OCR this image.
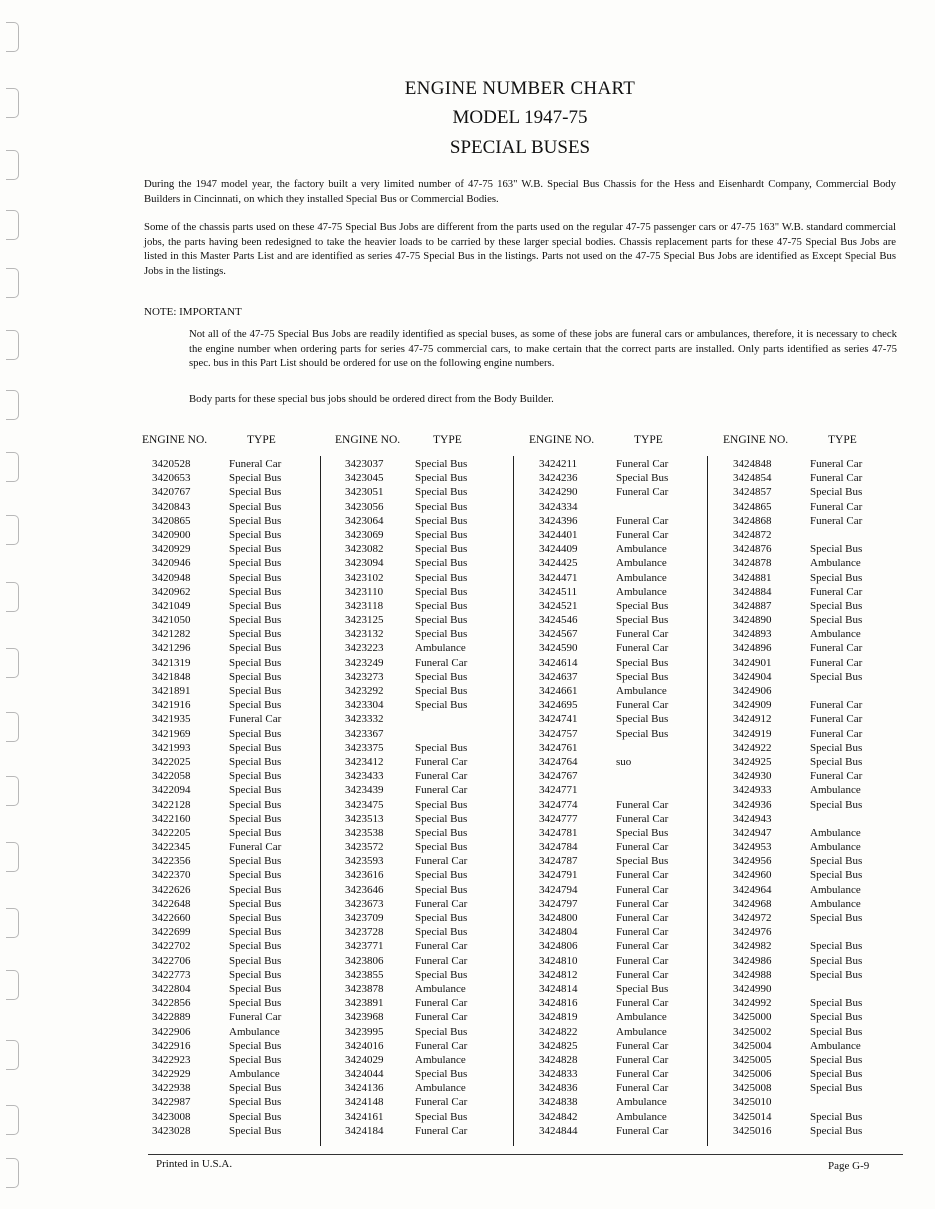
ENGINE NUMBER CHART
MODEL 1947-75
SPECIAL BUSES
During the 1947 model year, the factory built a very limited number of 47-75 163" W.B. Special Bus Chassis for the Hess and Eisenhardt Company, Commercial Body Builders in Cincinnati, on which they installed Special Bus or Commercial Bodies.
Some of the chassis parts used on these 47-75 Special Bus Jobs are different from the parts used on the regular 47-75 passenger cars or 47-75 163" W.B. standard commercial jobs, the parts having been redesigned to take the heavier loads to be carried by these larger special bodies. Chassis replacement parts for these 47-75 Special Bus Jobs are listed in this Master Parts List and are identified as series 47-75 Special Bus in the listings. Parts not used on the 47-75 Special Bus Jobs are identified as Except Special Bus Jobs in the listings.
NOTE: IMPORTANT
Not all of the 47-75 Special Bus Jobs are readily identified as special buses, as some of these jobs are funeral cars or ambulances, therefore, it is necessary to check the engine number when ordering parts for series 47-75 commercial cars, to make certain that the correct parts are installed. Only parts identified as series 47-75 spec. bus in this Part List should be ordered for use on the following engine numbers.
Body parts for these special bus jobs should be ordered direct from the Body Builder.
ENGINE NO.	TYPE
3420528	Funeral Car
3420653	Special Bus
3420767	Special Bus
3420843	Special Bus
3420865	Special Bus
3420900	Special Bus
3420929	Special Bus
3420946	Special Bus
3420948	Special Bus
3420962	Special Bus
3421049	Special Bus
3421050	Special Bus
3421282	Special Bus
3421296	Special Bus
3421319	Special Bus
3421848	Special Bus
3421891	Special Bus
3421916	Special Bus
3421935	Funeral Car
3421969	Special Bus
3421993	Special Bus
3422025	Special Bus
3422058	Special Bus
3422094	Special Bus
3422128	Special Bus
3422160	Special Bus
3422205	Special Bus
3422345	Funeral Car
3422356	Special Bus
3422370	Special Bus
3422626	Special Bus
3422648	Special Bus
3422660	Special Bus
3422699	Special Bus
3422702	Special Bus
3422706	Special Bus
3422773	Special Bus
3422804	Special Bus
3422856	Special Bus
3422889	Funeral Car
3422906	Ambulance
3422916	Special Bus
3422923	Special Bus
3422929	Ambulance
3422938	Special Bus
3422987	Special Bus
3423008	Special Bus
3423028	Special Bus
ENGINE NO.	TYPE
3423037	Special Bus
3423045	Special Bus
3423051	Special Bus
3423056	Special Bus
3423064	Special Bus
3423069	Special Bus
3423082	Special Bus
3423094	Special Bus
3423102	Special Bus
3423110	Special Bus
3423118	Special Bus
3423125	Special Bus
3423132	Special Bus
3423223	Ambulance
3423249	Funeral Car
3423273	Special Bus
3423292	Special Bus
3423304	Special Bus
3423332
3423367
3423375	Special Bus
3423412	Funeral Car
3423433	Funeral Car
3423439	Funeral Car
3423475	Special Bus
3423513	Special Bus
3423538	Special Bus
3423572	Special Bus
3423593	Funeral Car
3423616	Special Bus
3423646	Special Bus
3423673	Funeral Car
3423709	Special Bus
3423728	Special Bus
3423771	Funeral Car
3423806	Funeral Car
3423855	Special Bus
3423878	Ambulance
3423891	Funeral Car
3423968	Funeral Car
3423995	Special Bus
3424016	Funeral Car
3424029	Ambulance
3424044	Special Bus
3424136	Ambulance
3424148	Funeral Car
3424161	Special Bus
3424184	Funeral Car
ENGINE NO.	TYPE
3424211	Funeral Car
3424236	Special Bus
3424290	Funeral Car
3424334
3424396	Funeral Car
3424401	Funeral Car
3424409	Ambulance
3424425	Ambulance
3424471	Ambulance
3424511	Ambulance
3424521	Special Bus
3424546	Special Bus
3424567	Funeral Car
3424590	Funeral Car
3424614	Special Bus
3424637	Special Bus
3424661	Ambulance
3424695	Funeral Car
3424741	Special Bus
3424757	Special Bus
3424761
3424764	suo
3424767
3424771
3424774	Funeral Car
3424777	Funeral Car
3424781	Special Bus
3424784	Funeral Car
3424787	Special Bus
3424791	Funeral Car
3424794	Funeral Car
3424797	Funeral Car
3424800	Funeral Car
3424804	Funeral Car
3424806	Funeral Car
3424810	Funeral Car
3424812	Funeral Car
3424814	Special Bus
3424816	Funeral Car
3424819	Ambulance
3424822	Ambulance
3424825	Funeral Car
3424828	Funeral Car
3424833	Funeral Car
3424836	Funeral Car
3424838	Ambulance
3424842	Ambulance
3424844	Funeral Car
ENGINE NO.	TYPE
3424848	Funeral Car
3424854	Funeral Car
3424857	Special Bus
3424865	Funeral Car
3424868	Funeral Car
3424872
3424876	Special Bus
3424878	Ambulance
3424881	Special Bus
3424884	Funeral Car
3424887	Special Bus
3424890	Special Bus
3424893	Ambulance
3424896	Funeral Car
3424901	Funeral Car
3424904	Special Bus
3424906
3424909	Funeral Car
3424912	Funeral Car
3424919	Funeral Car
3424922	Special Bus
3424925	Special Bus
3424930	Funeral Car
3424933	Ambulance
3424936	Special Bus
3424943
3424947	Ambulance
3424953	Ambulance
3424956	Special Bus
3424960	Special Bus
3424964	Ambulance
3424968	Ambulance
3424972	Special Bus
3424976
3424982	Special Bus
3424986	Special Bus
3424988	Special Bus
3424990
3424992	Special Bus
3425000	Special Bus
3425002	Special Bus
3425004	Ambulance
3425005	Special Bus
3425006	Special Bus
3425008	Special Bus
3425010
3425014	Special Bus
3425016	Special Bus
Printed in U.S.A.	Page G-9
